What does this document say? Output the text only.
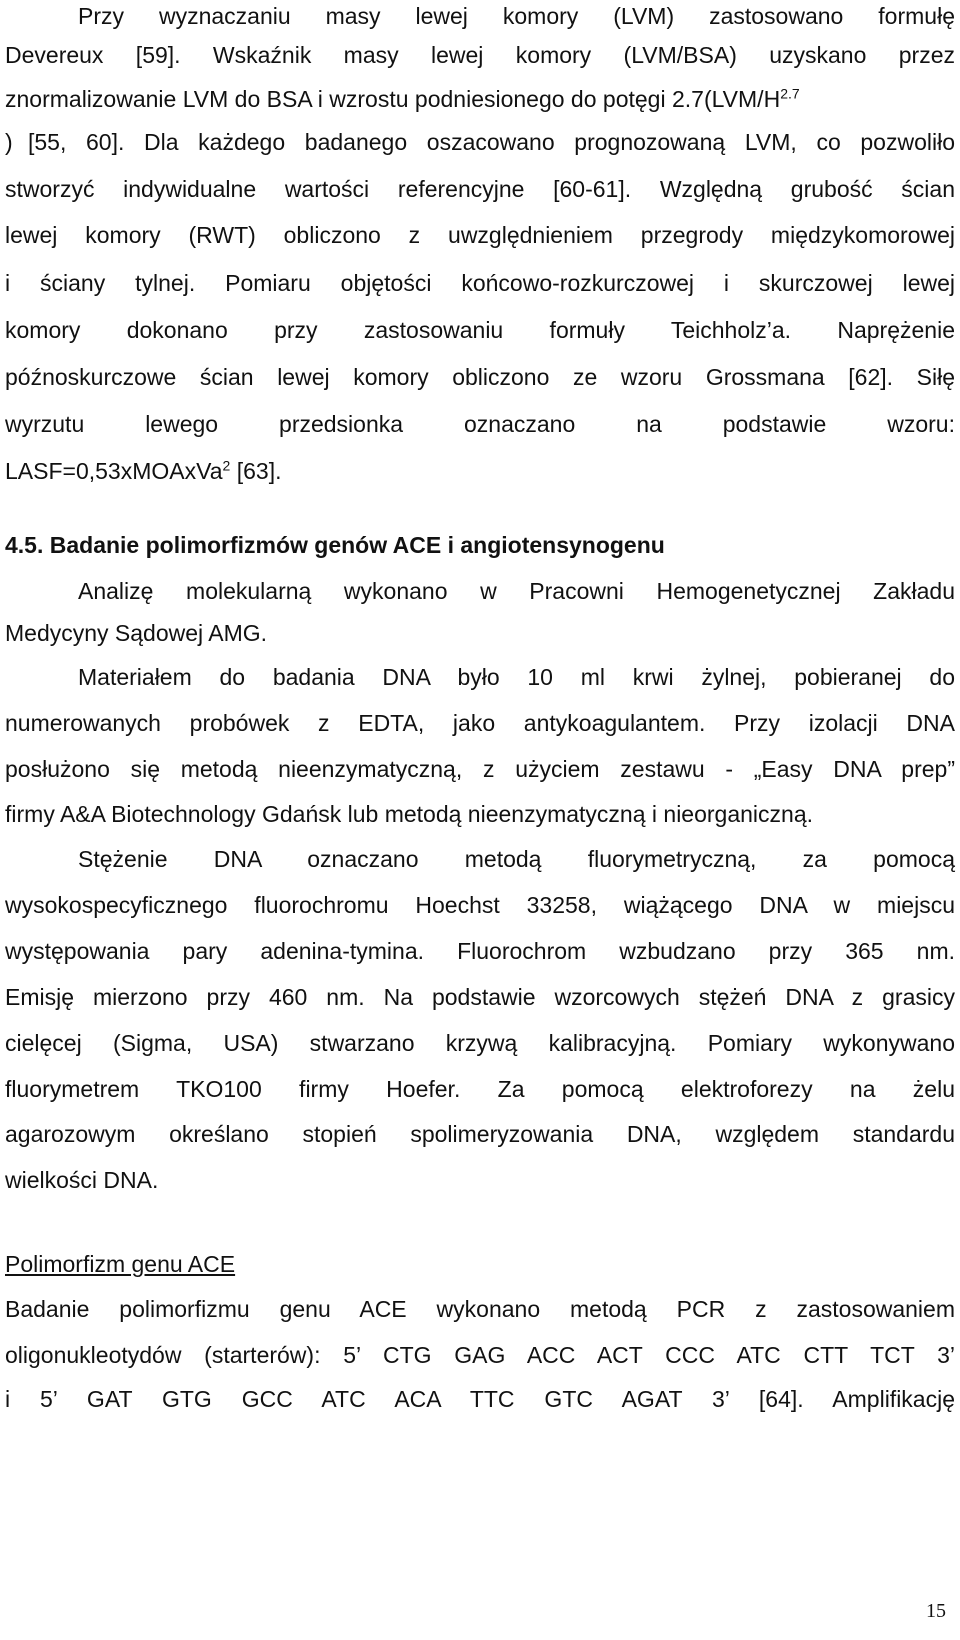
Przy wyznaczaniu masy lewej komory (LVM) zastosowano formułę
Devereux [59]. Wskaźnik masy lewej komory (LVM/BSA) uzyskano przez
znormalizowanie LVM do BSA i wzrostu podniesionego do potęgi $2.7(LVM/H^{2.7}$
) [55, 60]. Dla każdego badanego oszacowano prognozowaną LVM, co pozwoliło
stworzyć indywidualne wartości referencyjne [60-61]. Względną grubość ścian
lewej komory (RWT) obliczono z uwzględnieniem przegrody międzykomorowej
i ściany tylnej. Pomiaru objętości końcowo-rozkurczowej i skurczowej lewej
komory dokonano przy zastosowaniu formuły Teichholz’a. Naprężenie
późnoskurczowe ścian lewej komory obliczono ze wzoru Grossmana [62]. Siłę
wyrzutu lewego przedsionka oznaczano na podstawie wzoru:
LASF=0,53xMOAxVa$^2$ [63].
4.5. Badanie polimorfizmów genów ACE i angiotensynogenu
Analizę molekularną wykonano w Pracowni Hemogenetycznej Zakładu
Medycyny Sądowej AMG.
Materiałem do badania DNA było 10 ml krwi żylnej, pobieranej do
numerowanych probówek z EDTA, jako antykoagulantem. Przy izolacji DNA
posłużono się metodą nieenzymatyczną, z użyciem zestawu - „Easy DNA prep”
firmy A&A Biotechnology Gdańsk lub metodą nieenzymatyczną i nieorganiczną.
Stężenie DNA oznaczano metodą fluorymetryczną, za pomocą
wysokospecyficznego fluorochromu Hoechst 33258, wiążącego DNA w miejscu
występowania pary adenina-tymina. Fluorochrom wzbudzano przy 365 nm.
Emisję mierzono przy 460 nm. Na podstawie wzorcowych stężeń DNA z grasicy
cielęcej (Sigma, USA) stwarzano krzywą kalibracyjną. Pomiary wykonywano
fluorymetrem TKO100 firmy Hoefer. Za pomocą elektroforezy na żelu
agarozowym określano stopień spolimeryzowania DNA, względem standardu
wielkości DNA.
Polimorfizm genu ACE
Badanie polimorfizmu genu ACE wykonano metodą PCR z zastosowaniem
oligonukleotydów (starterów): 5’ CTG GAG ACC ACT CCC ATC CTT TCT 3’
i 5’ GAT GTG GCC ATC ACA TTC GTC AGAT 3’ [64]. Amplifikację
15
